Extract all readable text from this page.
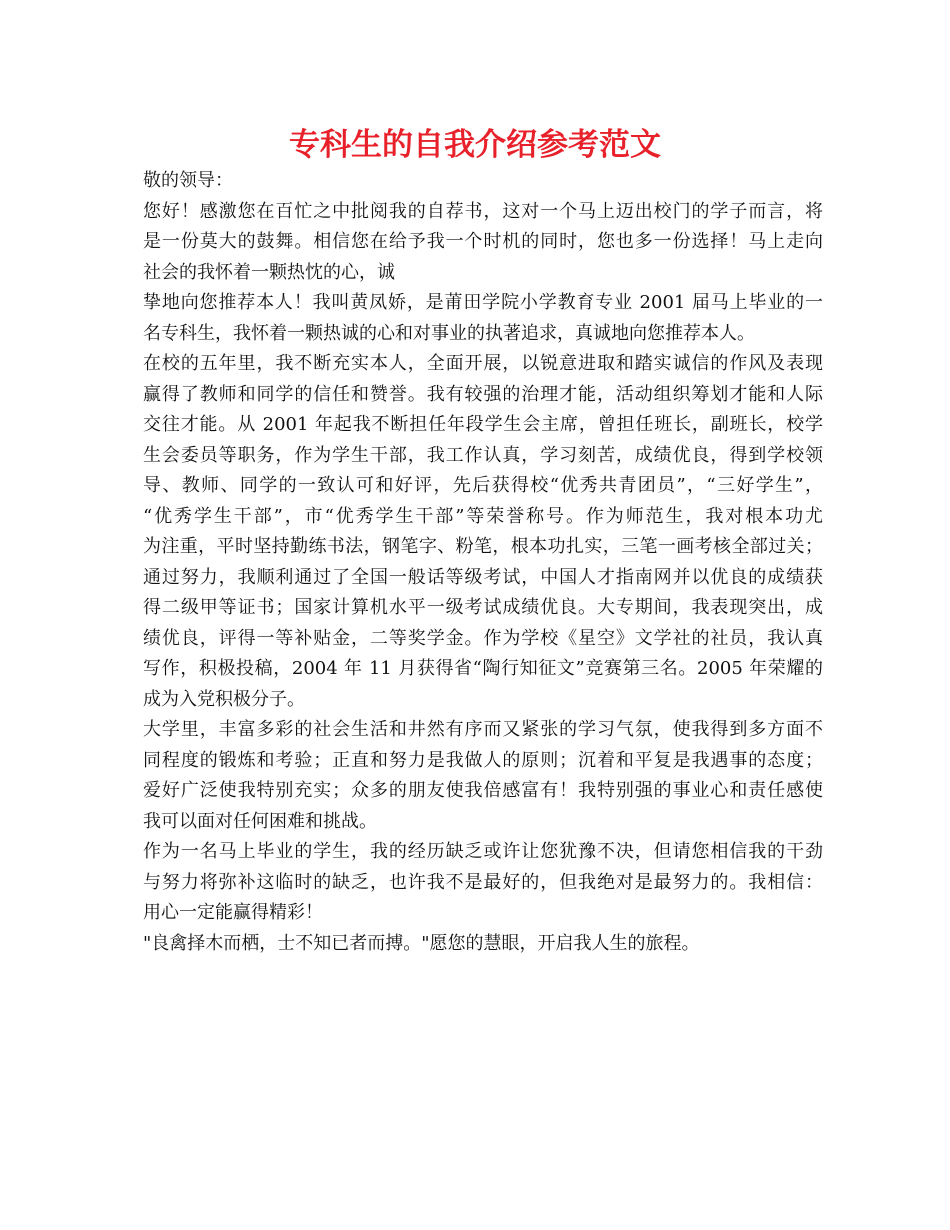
专科生的自我介绍参考范文
敬的领导：
您好！感激您在百忙之中批阅我的自荐书，这对一个马上迈出校门的学子而言，将
是一份莫大的鼓舞。相信您在给予我一个时机的同时，您也多一份选择！马上走向
社会的我怀着一颗热忱的心，诚
挚地向您推荐本人！我叫黄凤娇，是莆田学院小学教育专业 2001 届马上毕业的一
名专科生，我怀着一颗热诚的心和对事业的执著追求，真诚地向您推荐本人。
在校的五年里，我不断充实本人，全面开展，以锐意进取和踏实诚信的作风及表现
赢得了教师和同学的信任和赞誉。我有较强的治理才能，活动组织筹划才能和人际
交往才能。从 2001 年起我不断担任年段学生会主席，曾担任班长，副班长，校学
生会委员等职务，作为学生干部，我工作认真，学习刻苦，成绩优良，得到学校领
导、教师、同学的一致认可和好评，先后获得校“优秀共青团员”，“三好学生”，
“优秀学生干部”，市“优秀学生干部”等荣誉称号。作为师范生，我对根本功尤
为注重，平时坚持勤练书法，钢笔字、粉笔，根本功扎实，三笔一画考核全部过关；
通过努力，我顺利通过了全国一般话等级考试，中国人才指南网并以优良的成绩获
得二级甲等证书；国家计算机水平一级考试成绩优良。大专期间，我表现突出，成
绩优良，评得一等补贴金，二等奖学金。作为学校《星空》文学社的社员，我认真
写作，积极投稿，2004 年 11 月获得省“陶行知征文”竞赛第三名。2005 年荣耀的
成为入党积极分子。
大学里，丰富多彩的社会生活和井然有序而又紧张的学习气氛，使我得到多方面不
同程度的锻炼和考验；正直和努力是我做人的原则；沉着和平复是我遇事的态度；
爱好广泛使我特别充实；众多的朋友使我倍感富有！我特别强的事业心和责任感使
我可以面对任何困难和挑战。
作为一名马上毕业的学生，我的经历缺乏或许让您犹豫不决，但请您相信我的干劲
与努力将弥补这临时的缺乏，也许我不是最好的，但我绝对是最努力的。我相信：
用心一定能赢得精彩！
"良禽择木而栖，士不知已者而搏。"愿您的慧眼，开启我人生的旅程。
